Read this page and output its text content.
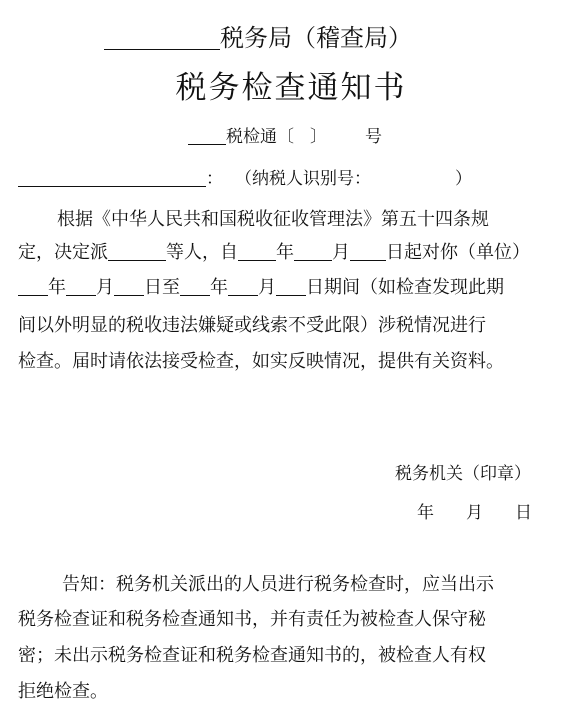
税务局（稽查局）
税务检查通知书
税检通〔 〕 号
： （纳税人识别号：	）
根据《中华人民共和国税收征收管理法》第五十四条规
定，决定派	等人，自 年 月 日起对你（单位）
年 月 日至 年 月 日期间（如检查发现此期
间以外明显的税收违法嫌疑或线索不受此限）涉税情况进行
检查。届时请依法接受检查，如实反映情况，提供有关资料。
税务机关（印章）
年 月 日
告知：税务机关派出的人员进行税务检查时，应当出示
税务检查证和税务检查通知书，并有责任为被检查人保守秘
密；未出示税务检查证和税务检查通知书的，被检查人有权
拒绝检查。
